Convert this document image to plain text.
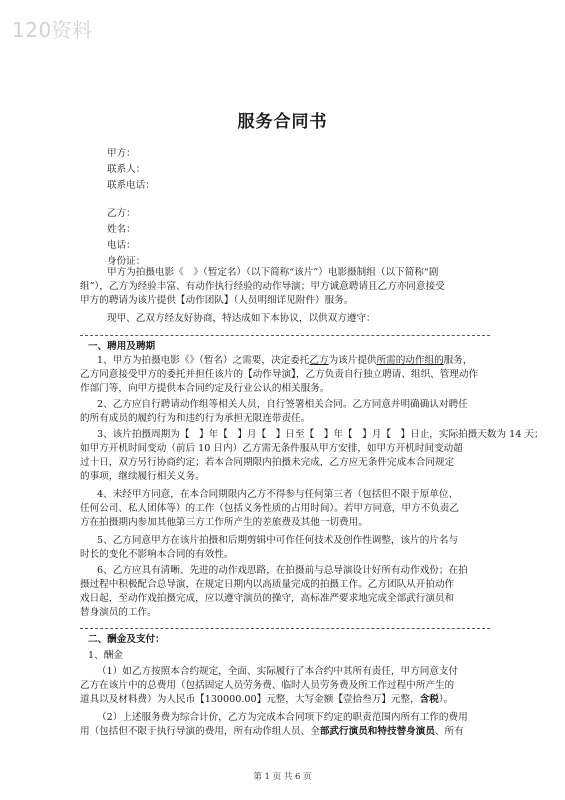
120资料
服务合同书
甲方：
联系人：
联系电话：
乙方：
姓名：
电话：
身份证：
甲方为拍摄电影《　》（暂定名）（以下简称“该片”）电影摄制组（以下简称“剧
组”），乙方为经验丰富、有动作执行经验的动作导演；甲方诚意聘请且乙方亦同意接受
甲方的聘请为该片提供【动作团队】（人员明细详见附件）服务。
现甲、乙双方经友好协商，特达成如下本协议，以供双方遵守：
一、聘用及聘期
1、甲方为拍摄电影《》（暂名）之需要，决定委托乙方为该片提供所需的动作组的服务，
乙方同意接受甲方的委托并担任该片的【动作导演】，乙方负责自行独立聘请、组织、管理动作
作部门等，向甲方提供本合同约定及行业公认的相关服务。
2、乙方应自行聘请动作组等相关人员，自行签署相关合同。乙方同意并明确确认对聘任
的所有成员的履约行为和违约行为承担无限连带责任。
3、该片拍摄周期为【　】年【　】月【　】日至【　】年【　】月【　】日止，实际拍摄天数为 14 天；
如甲方开机时间变动（前后 10 日内）乙方需无条件服从甲方安排，如甲方开机时间变动超
过十日，双方另行协商约定；若本合同期限内拍摄未完成，乙方应无条件完成本合同规定
的事项，继续履行相关义务。
4、未经甲方同意，在本合同期限内乙方不得参与任何第三者（包括但不限于原单位、
任何公司、私人团体等）的工作（包括义务性质的占用时间）。若甲方同意，甲方不负责乙
方在拍摄期内参加其他第三方工作所产生的差旅费及其他一切费用。
5、乙方同意甲方在该片拍摄和后期剪辑中可作任何技术及创作性调整，该片的片名与
时长的变化不影响本合同的有效性。
6、乙方应具有清晰、先进的动作戏思路，在拍摄前与总导演设计好所有动作戏份；在拍
摄过程中积极配合总导演，在规定日期内以高质量完成的拍摄工作。乙方团队从开拍动作
戏日起，至动作戏拍摄完成，应以遵守演员的操守，高标准严要求地完成全部武行演员和
替身演员的工作。
二、酬金及支付：
1、酬金
（1）如乙方按照本合约规定，全面、实际履行了本合约中其所有责任，甲方同意支付
乙方在该片中的总费用（包括固定人员劳务费、临时人员劳务费及所工作过程中所产生的
道具以及材料费）为人民币【130000.00】元整，大写金额【壹拾叁万】元整，含税）。
（2）上述服务费为综合计价，乙方为完成本合同项下约定的职责范围内所有工作的费用
用（包括但不限于执行导演的费用，所有动作组人员、全部武行演员和特技替身演员、所有
第 1 页 共 6 页
